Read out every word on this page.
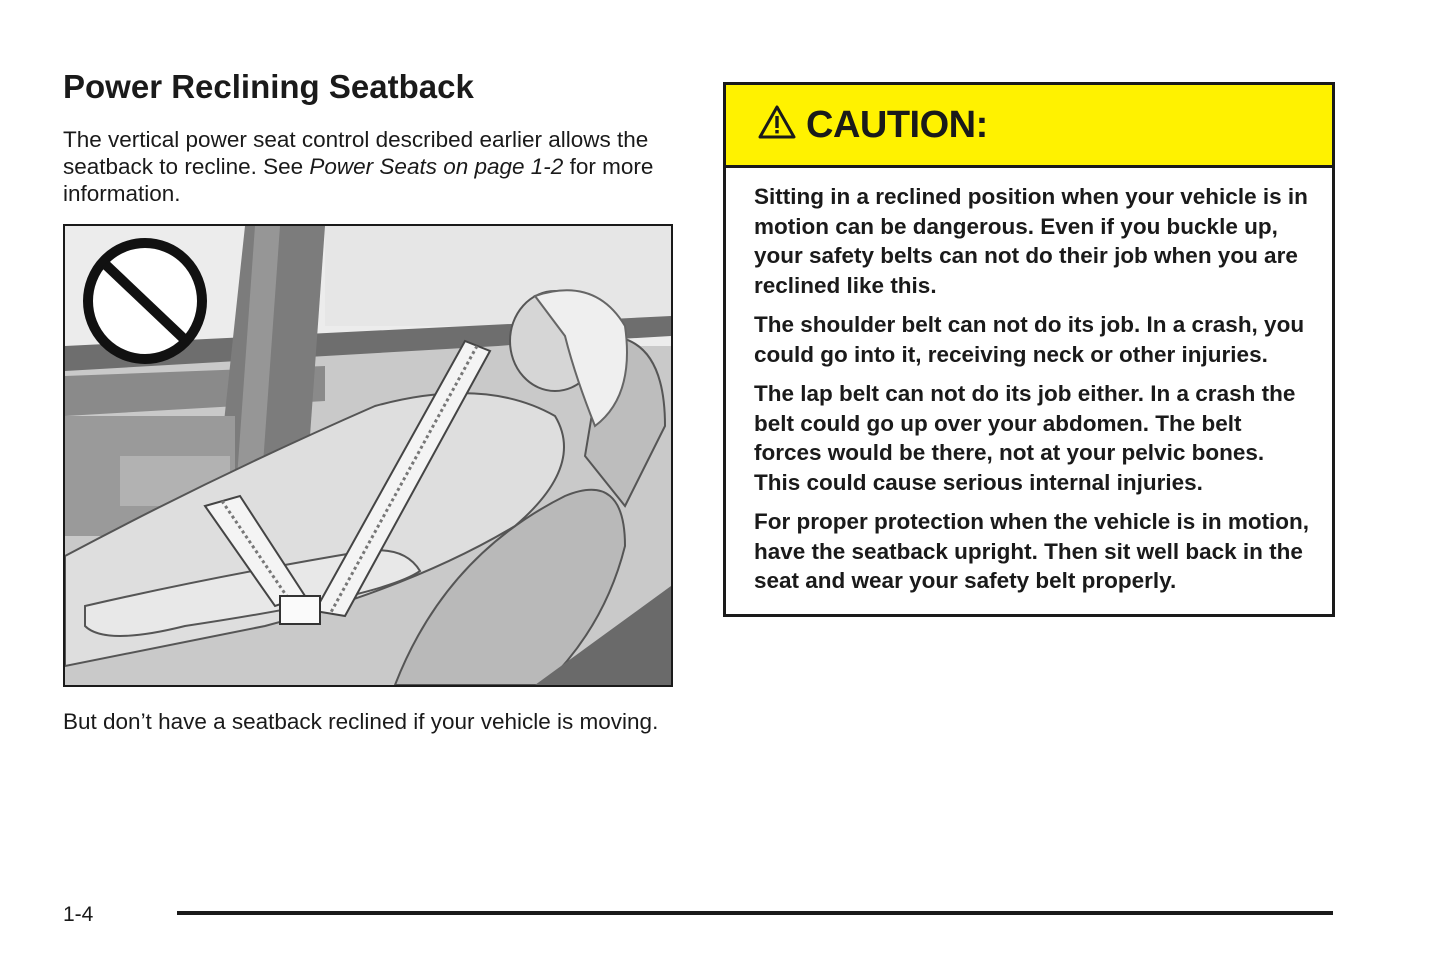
Power Reclining Seatback

The vertical power seat control described earlier allows the seatback to recline. See Power Seats on page 1-2 for more information.

But don’t have a seatback reclined if your vehicle is moving.

CAUTION:

Sitting in a reclined position when your vehicle is in motion can be dangerous. Even if you buckle up, your safety belts can not do their job when you are reclined like this.

The shoulder belt can not do its job. In a crash, you could go into it, receiving neck or other injuries.

The lap belt can not do its job either. In a crash the belt could go up over your abdomen. The belt forces would be there, not at your pelvic bones. This could cause serious internal injuries.

For proper protection when the vehicle is in motion, have the seatback upright. Then sit well back in the seat and wear your safety belt properly.

1-4
